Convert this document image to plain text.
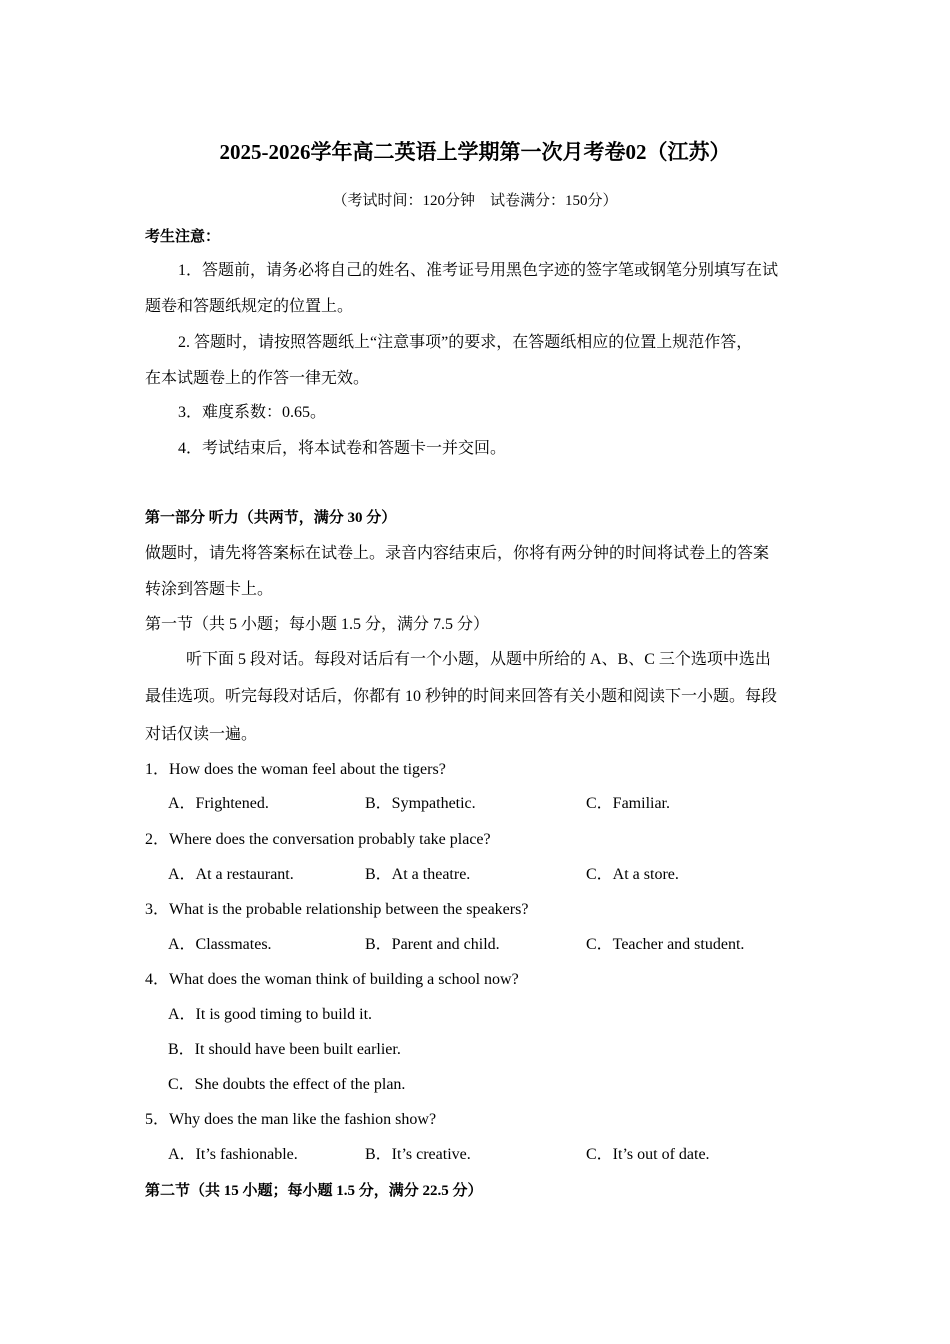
2025-2026学年高二英语上学期第一次月考卷02（江苏）
（考试时间：120分钟　试卷满分：150分）
考生注意：
1．答题前，请务必将自己的姓名、准考证号用黑色字迹的签字笔或钢笔分别填写在试
题卷和答题纸规定的位置上。
2. 答题时，请按照答题纸上“注意事项”的要求，在答题纸相应的位置上规范作答，
在本试题卷上的作答一律无效。
3．难度系数：0.65。
4．考试结束后，将本试卷和答题卡一并交回。
第一部分 听力（共两节，满分 30 分）
做题时，请先将答案标在试卷上。录音内容结束后，你将有两分钟的时间将试卷上的答案
转涂到答题卡上。
第一节（共 5 小题；每小题 1.5 分，满分 7.5 分）
听下面 5 段对话。每段对话后有一个小题，从题中所给的 A、B、C 三个选项中选出
最佳选项。听完每段对话后，你都有 10 秒钟的时间来回答有关小题和阅读下一小题。每段
对话仅读一遍。
1．How does the woman feel about the tigers?
A．Frightened.	B．Sympathetic.	C．Familiar.
2．Where does the conversation probably take place?
A．At a restaurant.	B．At a theatre.	C．At a store.
3．What is the probable relationship between the speakers?
A．Classmates.	B．Parent and child.	C．Teacher and student.
4．What does the woman think of building a school now?
A．It is good timing to build it.
B．It should have been built earlier.
C．She doubts the effect of the plan.
5．Why does the man like the fashion show?
A．It’s fashionable.	B．It’s creative.	C．It’s out of date.
第二节（共 15 小题；每小题 1.5 分，满分 22.5 分）
